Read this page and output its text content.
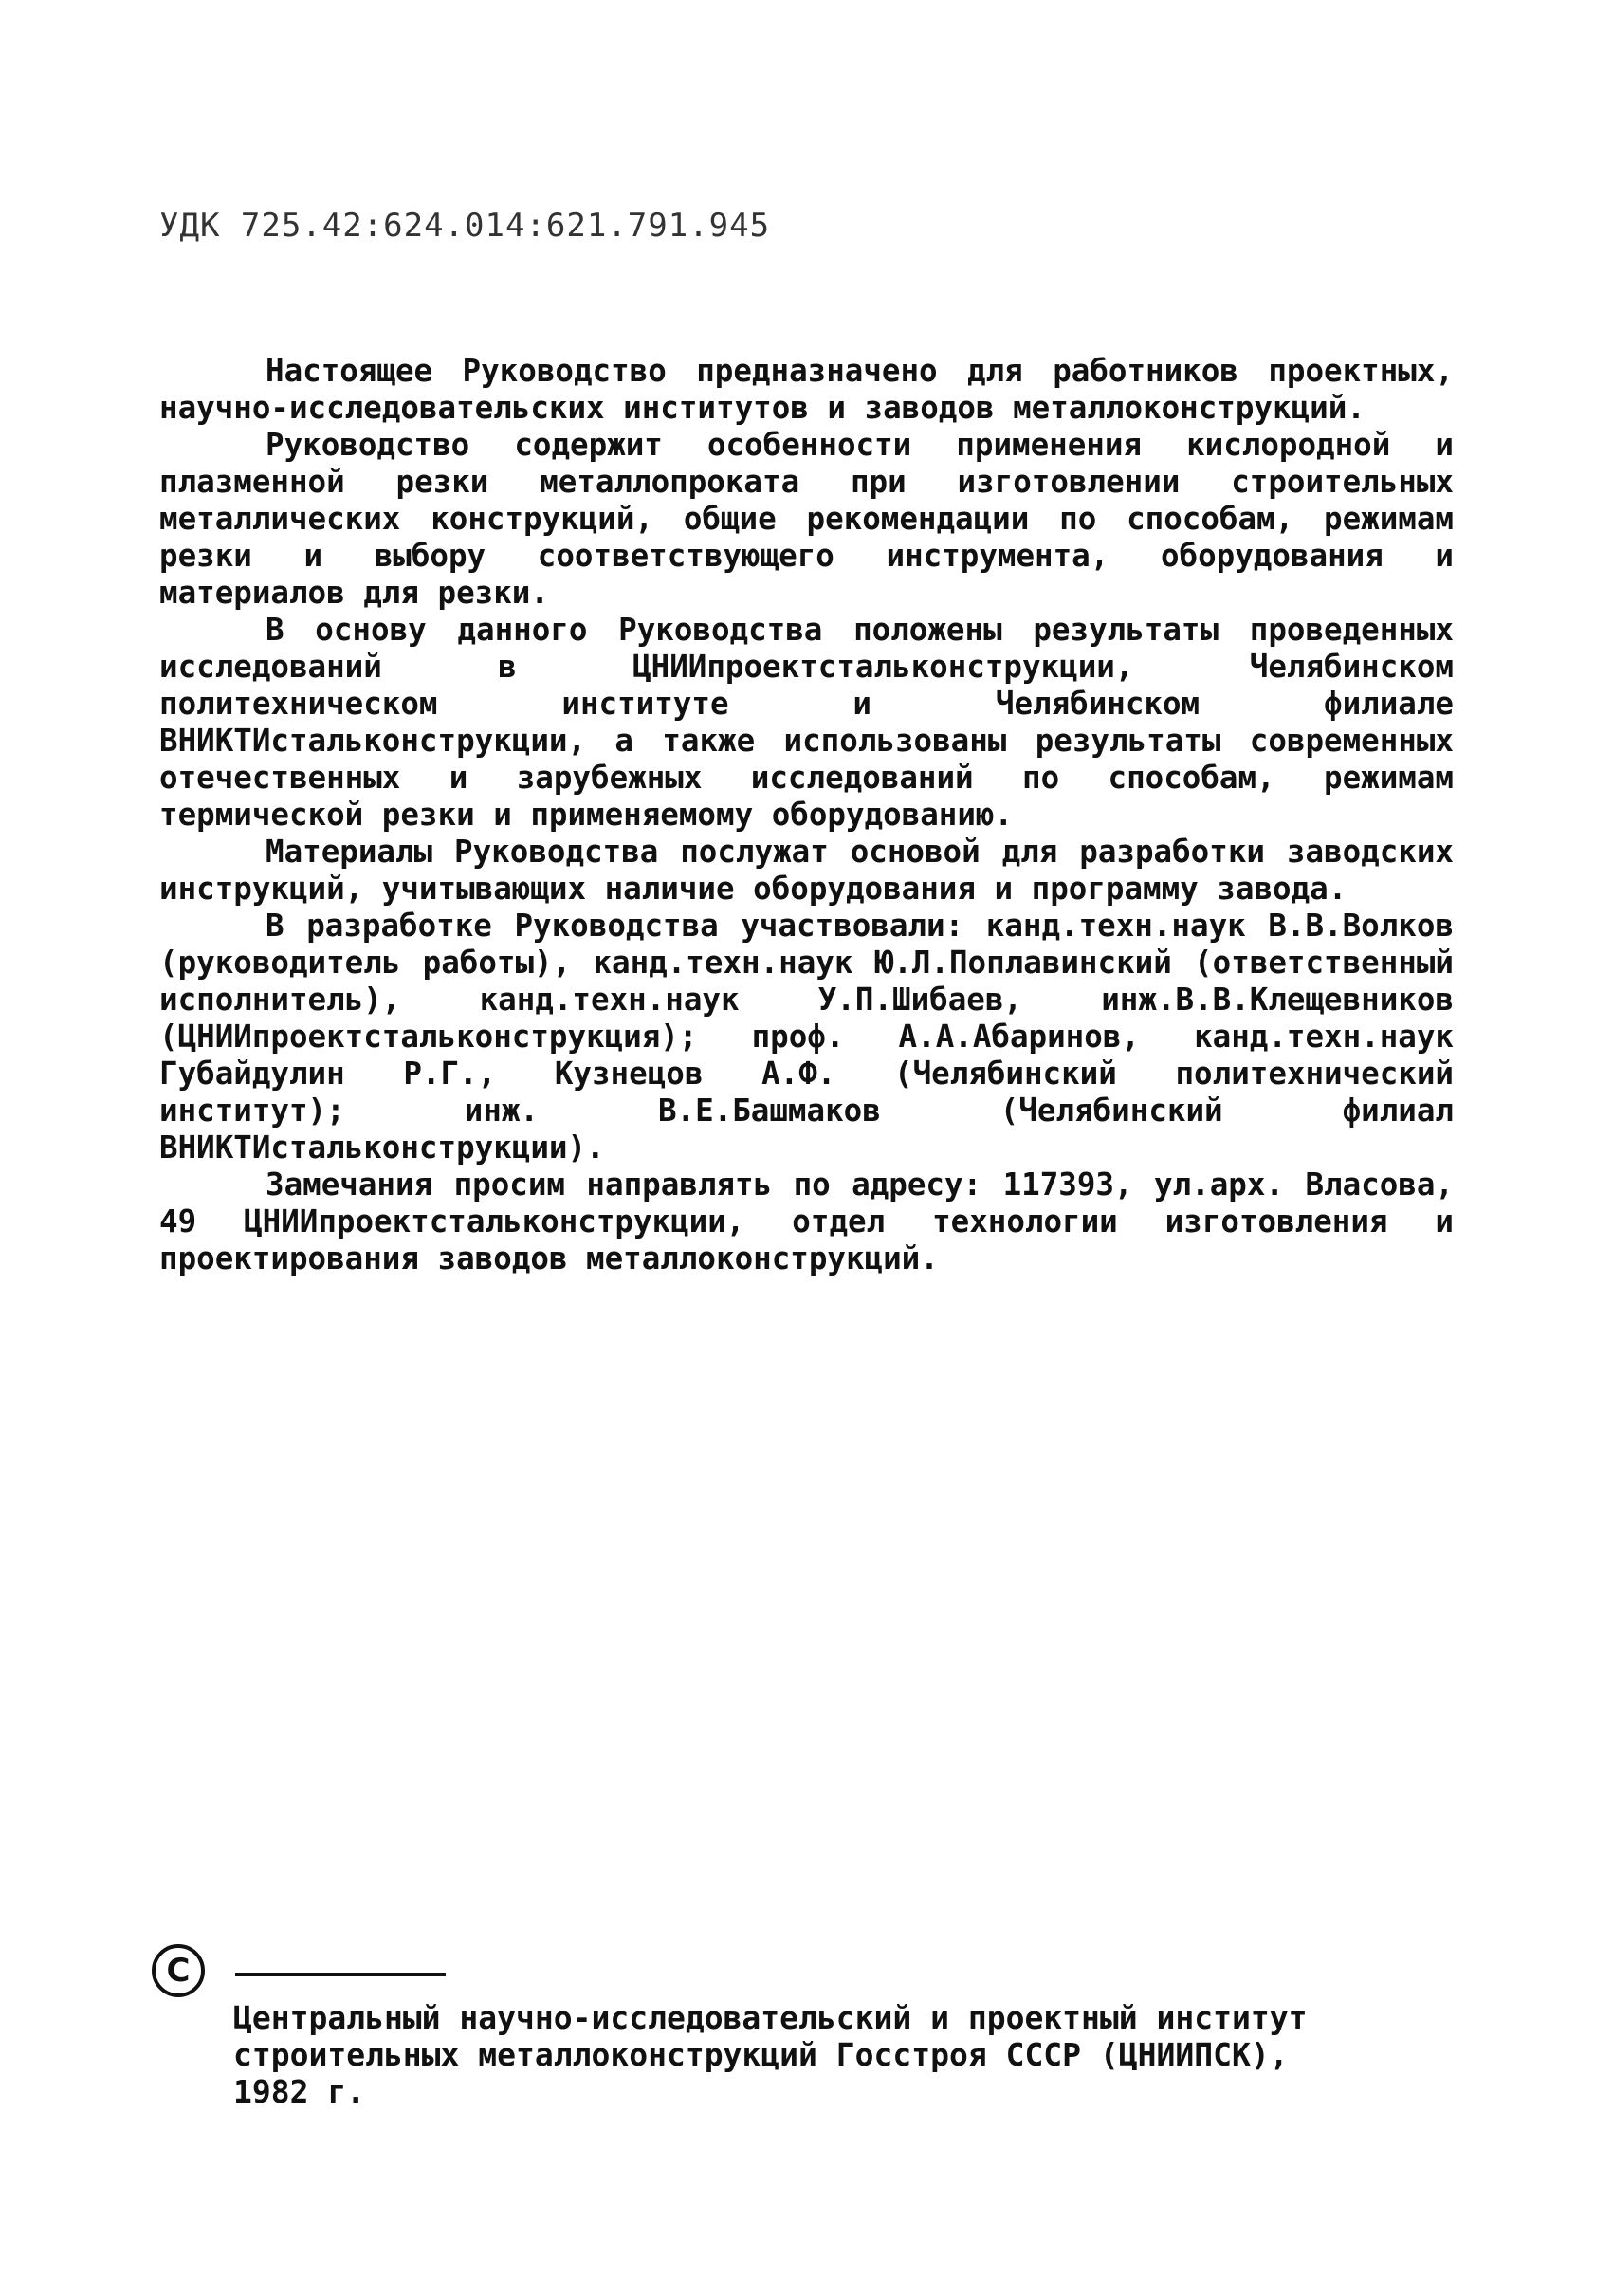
УДК 725.42:624.014:621.791.945

Настоящее Руководство предназначено для работников проектных, научно-исследовательских институтов и заводов металлоконструкций.

Руководство содержит особенности применения кислородной и плазменной резки металлопроката при изготовлении строительных металлических конструкций, общие рекомендации по способам, режимам резки и выбору соответствующего инструмента, оборудования и материалов для резки.

В основу данного Руководства положены результаты проведенных исследований в ЦНИИпроектстальконструкции, Челябинском политехническом институте и Челябинском филиале ВНИКТИстальконструкции, а также использованы результаты современных отечественных и зарубежных исследований по способам, режимам термической резки и применяемому оборудованию.

Материалы Руководства послужат основой для разработки заводских инструкций, учитывающих наличие оборудования и программу завода.

В разработке Руководства участвовали: канд.техн.наук В.В.Волков (руководитель работы), канд.техн.наук Ю.Л.Поплавинский (ответственный исполнитель), канд.техн.наук У.П.Шибаев, инж.В.В.Клещевников (ЦНИИпроектстальконструкция); проф. А.А.Абаринов, канд.техн.наук Губайдулин Р.Г., Кузнецов А.Ф. (Челябинский политехнический институт); инж. В.Е.Башмаков (Челябинский филиал ВНИКТИстальконструкции).

Замечания просим направлять по адресу: 117393, ул.арх. Власова, 49 ЦНИИпроектстальконструкции, отдел технологии изготовления и проектирования заводов металлоконструкций.

C
Центральный научно-исследовательский и проектный институт
строительных металлоконструкций Госстроя СССР (ЦНИИПСК),
1982 г.
